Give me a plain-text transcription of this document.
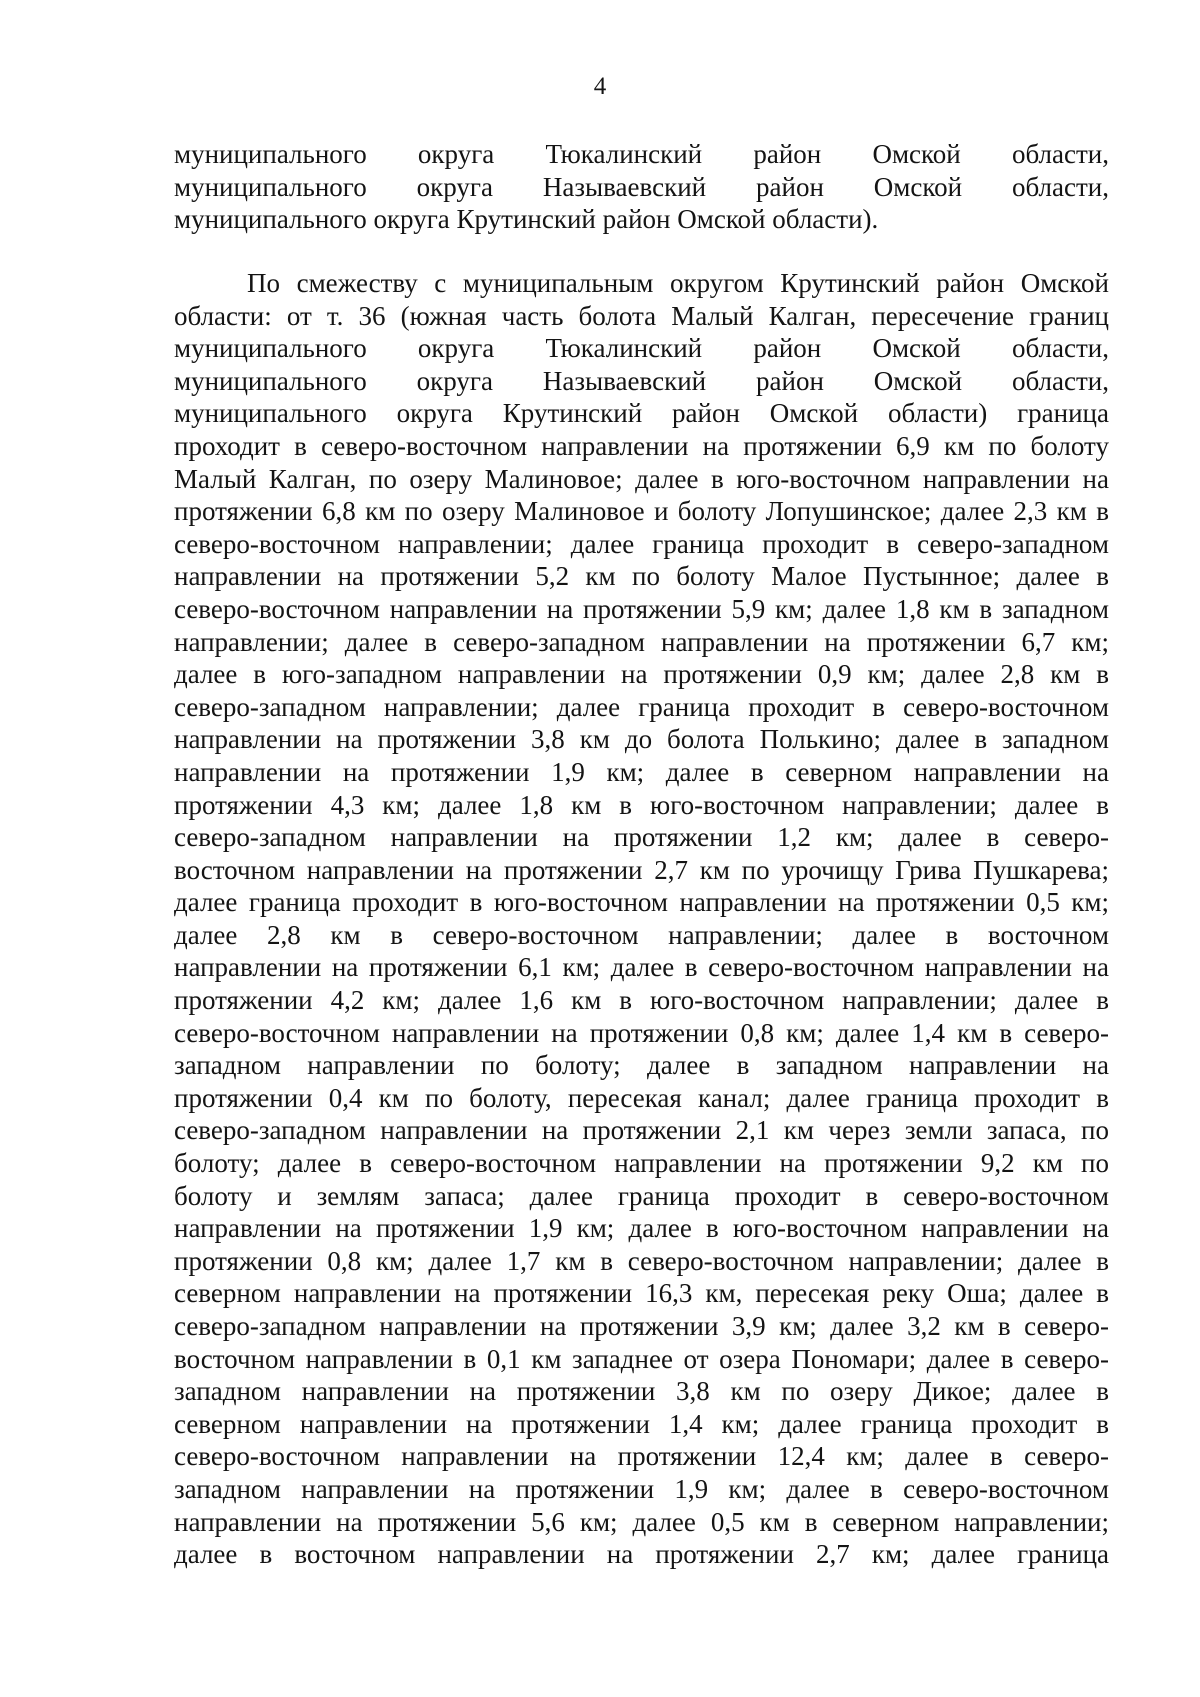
4
муниципального округа Тюкалинский район Омской области,
муниципального округа Называевский район Омской области,
муниципального округа Крутинский район Омской области).
По смежеству с муниципальным округом Крутинский район Омской
области: от т. 36 (южная часть болота Малый Калган, пересечение границ
муниципального округа Тюкалинский район Омской области,
муниципального округа Называевский район Омской области,
муниципального округа Крутинский район Омской области) граница
проходит в северо-восточном направлении на протяжении 6,9 км по болоту
Малый Калган, по озеру Малиновое; далее в юго-восточном направлении на
протяжении 6,8 км по озеру Малиновое и болоту Лопушинское; далее 2,3 км в
северо-восточном направлении; далее граница проходит в северо-западном
направлении на протяжении 5,2 км по болоту Малое Пустынное; далее в
северо-восточном направлении на протяжении 5,9 км; далее 1,8 км в западном
направлении; далее в северо-западном направлении на протяжении 6,7 км;
далее в юго-западном направлении на протяжении 0,9 км; далее 2,8 км в
северо-западном направлении; далее граница проходит в северо-восточном
направлении на протяжении 3,8 км до болота Полькино; далее в западном
направлении на протяжении 1,9 км; далее в северном направлении на
протяжении 4,3 км; далее 1,8 км в юго-восточном направлении; далее в
северо-западном направлении на протяжении 1,2 км; далее в северо-
восточном направлении на протяжении 2,7 км по урочищу Грива Пушкарева;
далее граница проходит в юго-восточном направлении на протяжении 0,5 км;
далее 2,8 км в северо-восточном направлении; далее в восточном
направлении на протяжении 6,1 км; далее в северо-восточном направлении на
протяжении 4,2 км; далее 1,6 км в юго-восточном направлении; далее в
северо-восточном направлении на протяжении 0,8 км; далее 1,4 км в северо-
западном направлении по болоту; далее в западном направлении на
протяжении 0,4 км по болоту, пересекая канал; далее граница проходит в
северо-западном направлении на протяжении 2,1 км через земли запаса, по
болоту; далее в северо-восточном направлении на протяжении 9,2 км по
болоту и землям запаса; далее граница проходит в северо-восточном
направлении на протяжении 1,9 км; далее в юго-восточном направлении на
протяжении 0,8 км; далее 1,7 км в северо-восточном направлении; далее в
северном направлении на протяжении 16,3 км, пересекая реку Оша; далее в
северо-западном направлении на протяжении 3,9 км; далее 3,2 км в северо-
восточном направлении в 0,1 км западнее от озера Пономари; далее в северо-
западном направлении на протяжении 3,8 км по озеру Дикое; далее в
северном направлении на протяжении 1,4 км; далее граница проходит в
северо-восточном направлении на протяжении 12,4 км; далее в северо-
западном направлении на протяжении 1,9 км; далее в северо-восточном
направлении на протяжении 5,6 км; далее 0,5 км в северном направлении;
далее в восточном направлении на протяжении 2,7 км; далее граница
